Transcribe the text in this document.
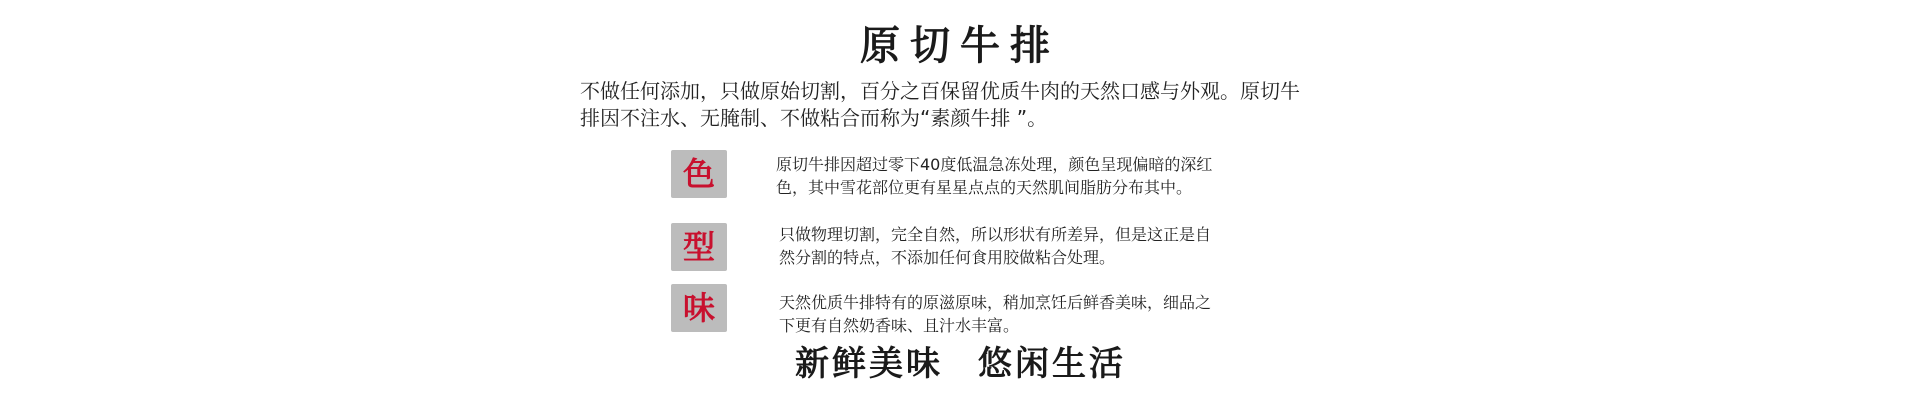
原切牛排
不做任何添加，只做原始切割，百分之百保留优质牛肉的天然口感与外观。原切牛
排因不注水、无腌制、不做粘合而称为“素颜牛排 ”。
色	原切牛排因超过零下40度低温急冻处理，颜色呈现偏暗的深红
色，其中雪花部位更有星星点点的天然肌间脂肪分布其中。
型	只做物理切割，完全自然，所以形状有所差异，但是这正是自
然分割的特点，不添加任何食用胶做粘合处理。
味	天然优质牛排特有的原滋原味，稍加烹饪后鲜香美味，细品之
下更有自然奶香味、且汁水丰富。
新鲜美味 悠闲生活
